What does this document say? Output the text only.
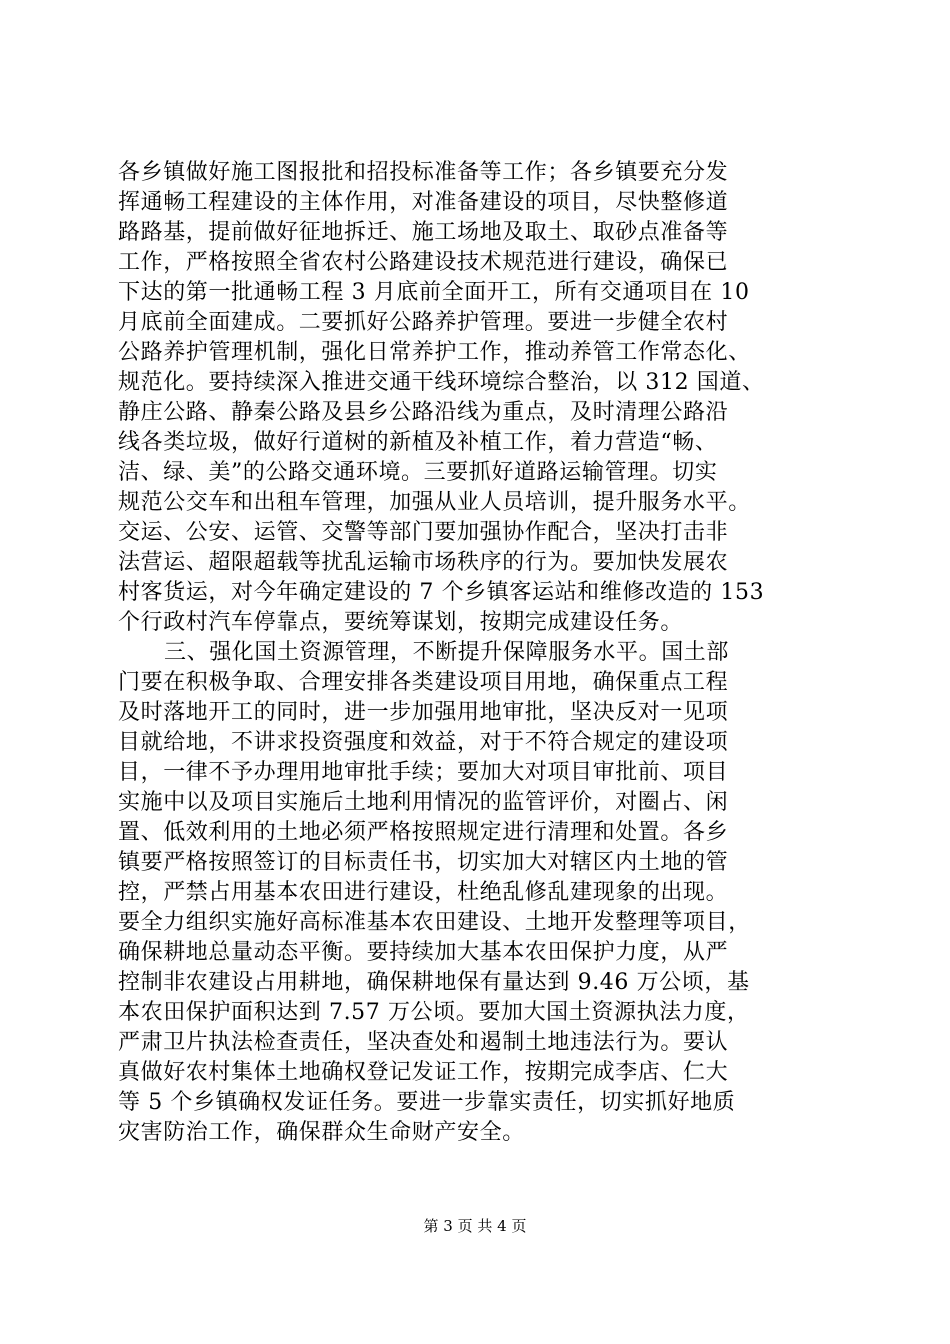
各乡镇做好施工图报批和招投标准备等工作；各乡镇要充分发
挥通畅工程建设的主体作用，对准备建设的项目，尽快整修道
路路基，提前做好征地拆迁、施工场地及取土、取砂点准备等
工作，严格按照全省农村公路建设技术规范进行建设，确保已
下达的第一批通畅工程 3 月底前全面开工，所有交通项目在 10
月底前全面建成。二要抓好公路养护管理。要进一步健全农村
公路养护管理机制，强化日常养护工作，推动养管工作常态化、
规范化。要持续深入推进交通干线环境综合整治，以 312 国道、
静庄公路、静秦公路及县乡公路沿线为重点，及时清理公路沿
线各类垃圾，做好行道树的新植及补植工作，着力营造“畅、
洁、绿、美”的公路交通环境。三要抓好道路运输管理。切实
规范公交车和出租车管理，加强从业人员培训，提升服务水平。
交运、公安、运管、交警等部门要加强协作配合，坚决打击非
法营运、超限超载等扰乱运输市场秩序的行为。要加快发展农
村客货运，对今年确定建设的 7 个乡镇客运站和维修改造的 153
个行政村汽车停靠点，要统筹谋划，按期完成建设任务。
三、强化国土资源管理，不断提升保障服务水平。国土部
门要在积极争取、合理安排各类建设项目用地，确保重点工程
及时落地开工的同时，进一步加强用地审批，坚决反对一见项
目就给地，不讲求投资强度和效益，对于不符合规定的建设项
目，一律不予办理用地审批手续；要加大对项目审批前、项目
实施中以及项目实施后土地利用情况的监管评价，对圈占、闲
置、低效利用的土地必须严格按照规定进行清理和处置。各乡
镇要严格按照签订的目标责任书，切实加大对辖区内土地的管
控，严禁占用基本农田进行建设，杜绝乱修乱建现象的出现。
要全力组织实施好高标准基本农田建设、土地开发整理等项目，
确保耕地总量动态平衡。要持续加大基本农田保护力度，从严
控制非农建设占用耕地，确保耕地保有量达到 9.46 万公顷，基
本农田保护面积达到 7.57 万公顷。要加大国土资源执法力度，
严肃卫片执法检查责任，坚决查处和遏制土地违法行为。要认
真做好农村集体土地确权登记发证工作，按期完成李店、仁大
等 5 个乡镇确权发证任务。要进一步靠实责任，切实抓好地质
灾害防治工作，确保群众生命财产安全。
第 3 页 共 4 页
